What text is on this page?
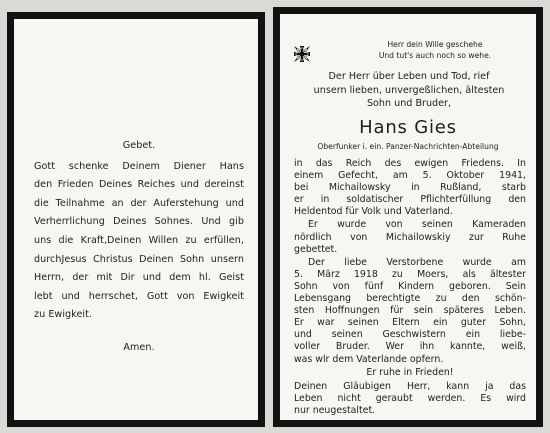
Gebet.
Gott schenke Deinem Diener Hans
den Frieden Deines Reiches und dereinst
die Teilnahme an der Auferstehung und
Verherrlichung Deines Sohnes. Und gib
uns die Kraft,Deinen Willen zu erfüllen,
durchJesus Christus Deinen Sohn unsern
Herrn, der mit Dir und dem hl. Geist
lebt und herrschet, Gott von Ewigkeit
zu Ewigkeit.
Amen.
Herr dein Wille geschehe
Und tut's auch noch so wehe.
Der Herr über Leben und Tod, rief
unsern lieben, unvergeßlichen, ältesten
Sohn und Bruder,
Hans Gies
Oberfunker i. ein. Panzer-Nachrichten-Abteilung
in das Reich des ewigen Friedens. In
einem Gefecht, am 5. Oktober 1941,
bei Michailowsky in Rußland, starb
er in soldatischer Pflichterfüllung den
Heldentod für Volk und Vaterland.
Er wurde von seinen Kameraden
nördlich von Michailowskiy zur Ruhe
gebettet.
Der liebe Verstorbene wurde am
5. März 1918 zu Moers, als ältester
Sohn von fünf Kindern geboren. Sein
Lebensgang berechtigte zu den schön-
sten Hoffnungen für sein späteres Leben.
Er war seinen Eltern ein guter Sohn,
und seinen Geschwistern ein liebe-
voller Bruder. Wer ihn kannte, weiß,
was wlr dem Vaterlande opfern.
Er ruhe in Frieden!
Deinen Gläubigen Herr, kann ja das
Leben nicht geraubt werden. Es wird
nur neugestaltet.
